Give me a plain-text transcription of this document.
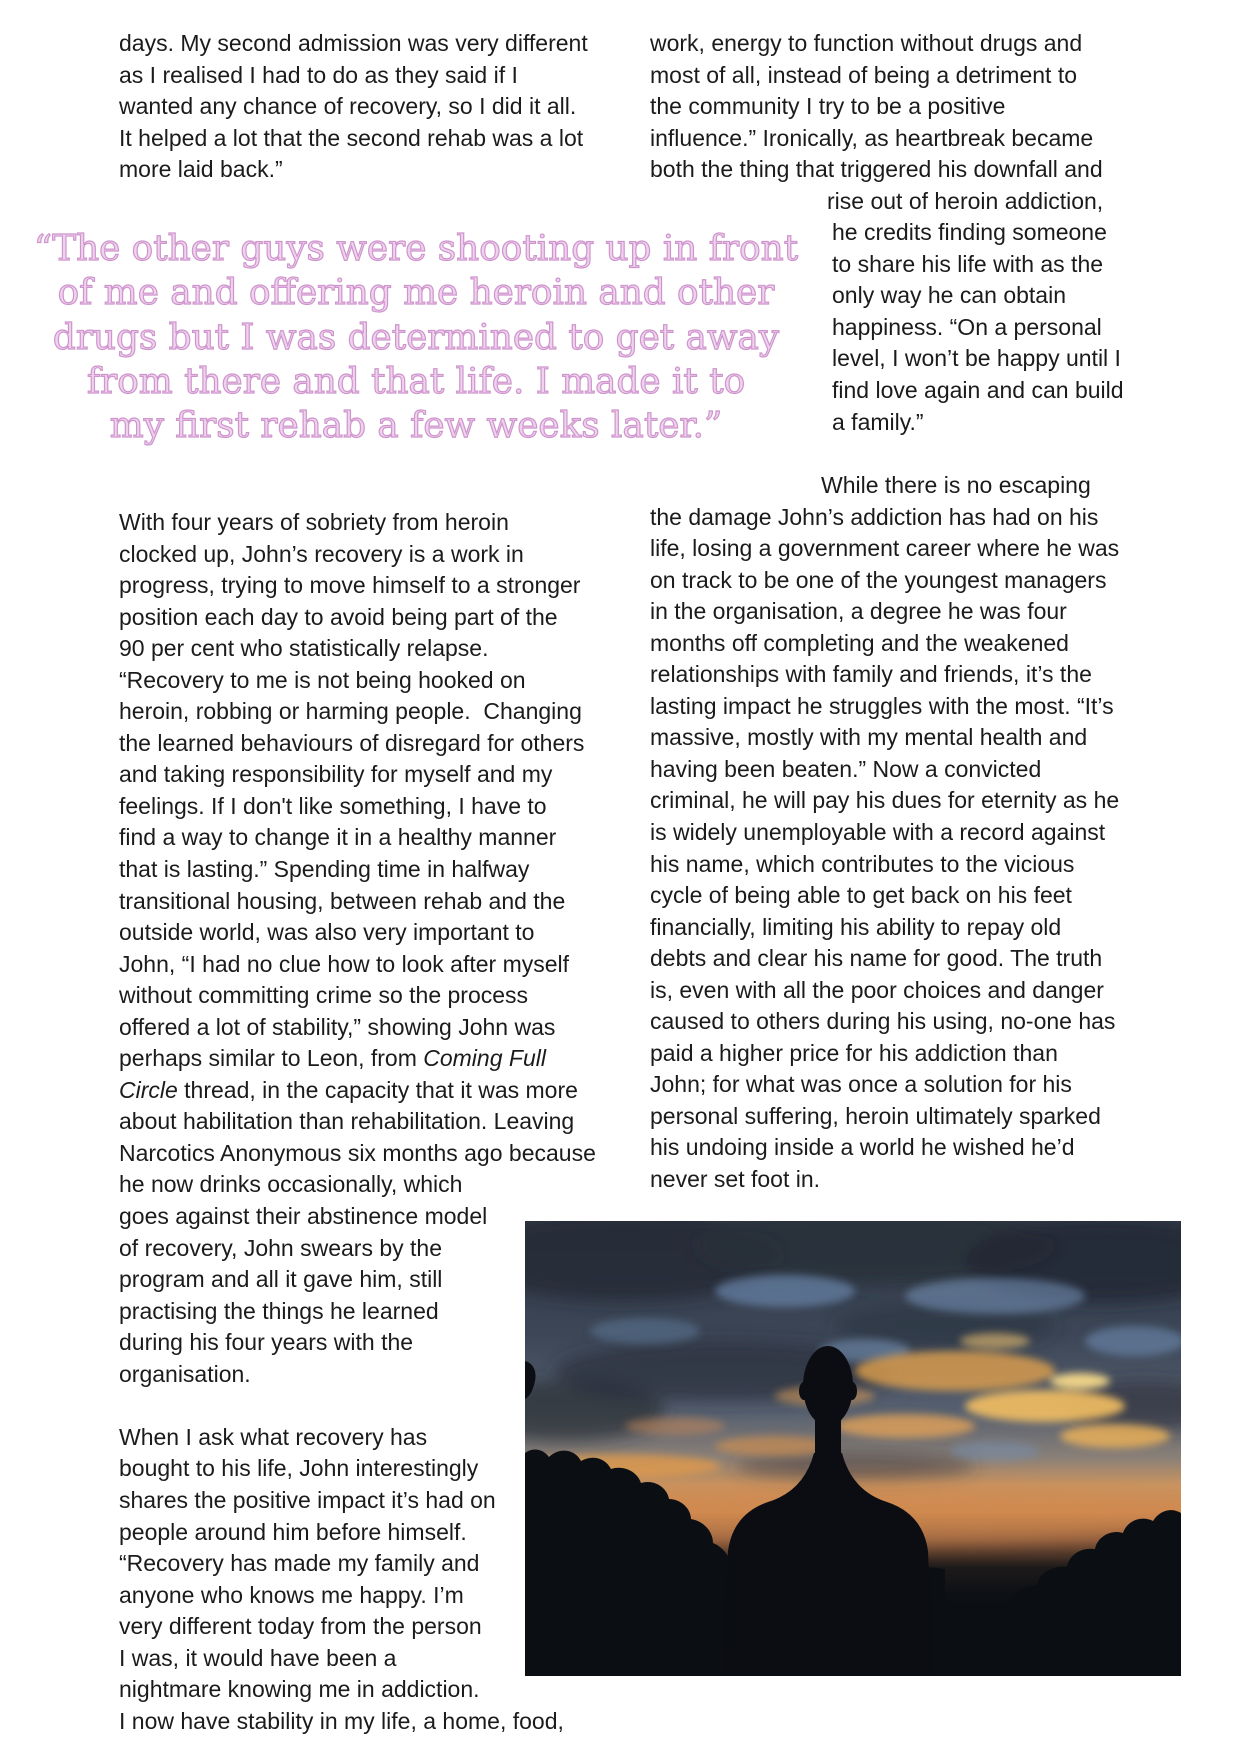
days. My second admission was very different
as I realised I had to do as they said if I
wanted any chance of recovery, so I did it all.
It helped a lot that the second rehab was a lot
more laid back.”
work, energy to function without drugs and
most of all, instead of being a detriment to
the community I try to be a positive
influence.” Ironically, as heartbreak became
both the thing that triggered his downfall and
rise out of heroin addiction,
he credits finding someone
to share his life with as the
only way he can obtain
happiness. “On a personal
level, I won’t be happy until I
find love again and can build
a family.”
“The other guys were shooting up in front
of me and offering me heroin and other
drugs but I was determined to get away
from there and that life. I made it to
my first rehab a few weeks later.”
While there is no escaping
the damage John’s addiction has had on his
life, losing a government career where he was
on track to be one of the youngest managers
in the organisation, a degree he was four
months off completing and the weakened
relationships with family and friends, it’s the
lasting impact he struggles with the most. “It’s
massive, mostly with my mental health and
having been beaten.” Now a convicted
criminal, he will pay his dues for eternity as he
is widely unemployable with a record against
his name, which contributes to the vicious
cycle of being able to get back on his feet
financially, limiting his ability to repay old
debts and clear his name for good. The truth
is, even with all the poor choices and danger
caused to others during his using, no-one has
paid a higher price for his addiction than
John; for what was once a solution for his
personal suffering, heroin ultimately sparked
his undoing inside a world he wished he’d
never set foot in.
With four years of sobriety from heroin
clocked up, John’s recovery is a work in
progress, trying to move himself to a stronger
position each day to avoid being part of the
90 per cent who statistically relapse.
“Recovery to me is not being hooked on
heroin, robbing or harming people.  Changing
the learned behaviours of disregard for others
and taking responsibility for myself and my
feelings. If I don't like something, I have to
find a way to change it in a healthy manner
that is lasting.” Spending time in halfway
transitional housing, between rehab and the
outside world, was also very important to
John, “I had no clue how to look after myself
without committing crime so the process
offered a lot of stability,” showing John was
perhaps similar to Leon, from Coming Full
Circle thread, in the capacity that it was more
about habilitation than rehabilitation. Leaving
Narcotics Anonymous six months ago because
he now drinks occasionally, which
goes against their abstinence model
of recovery, John swears by the
program and all it gave him, still
practising the things he learned
during his four years with the
organisation.
When I ask what recovery has
bought to his life, John interestingly
shares the positive impact it’s had on
people around him before himself.
“Recovery has made my family and
anyone who knows me happy. I’m
very different today from the person
I was, it would have been a
nightmare knowing me in addiction.
I now have stability in my life, a home, food,
